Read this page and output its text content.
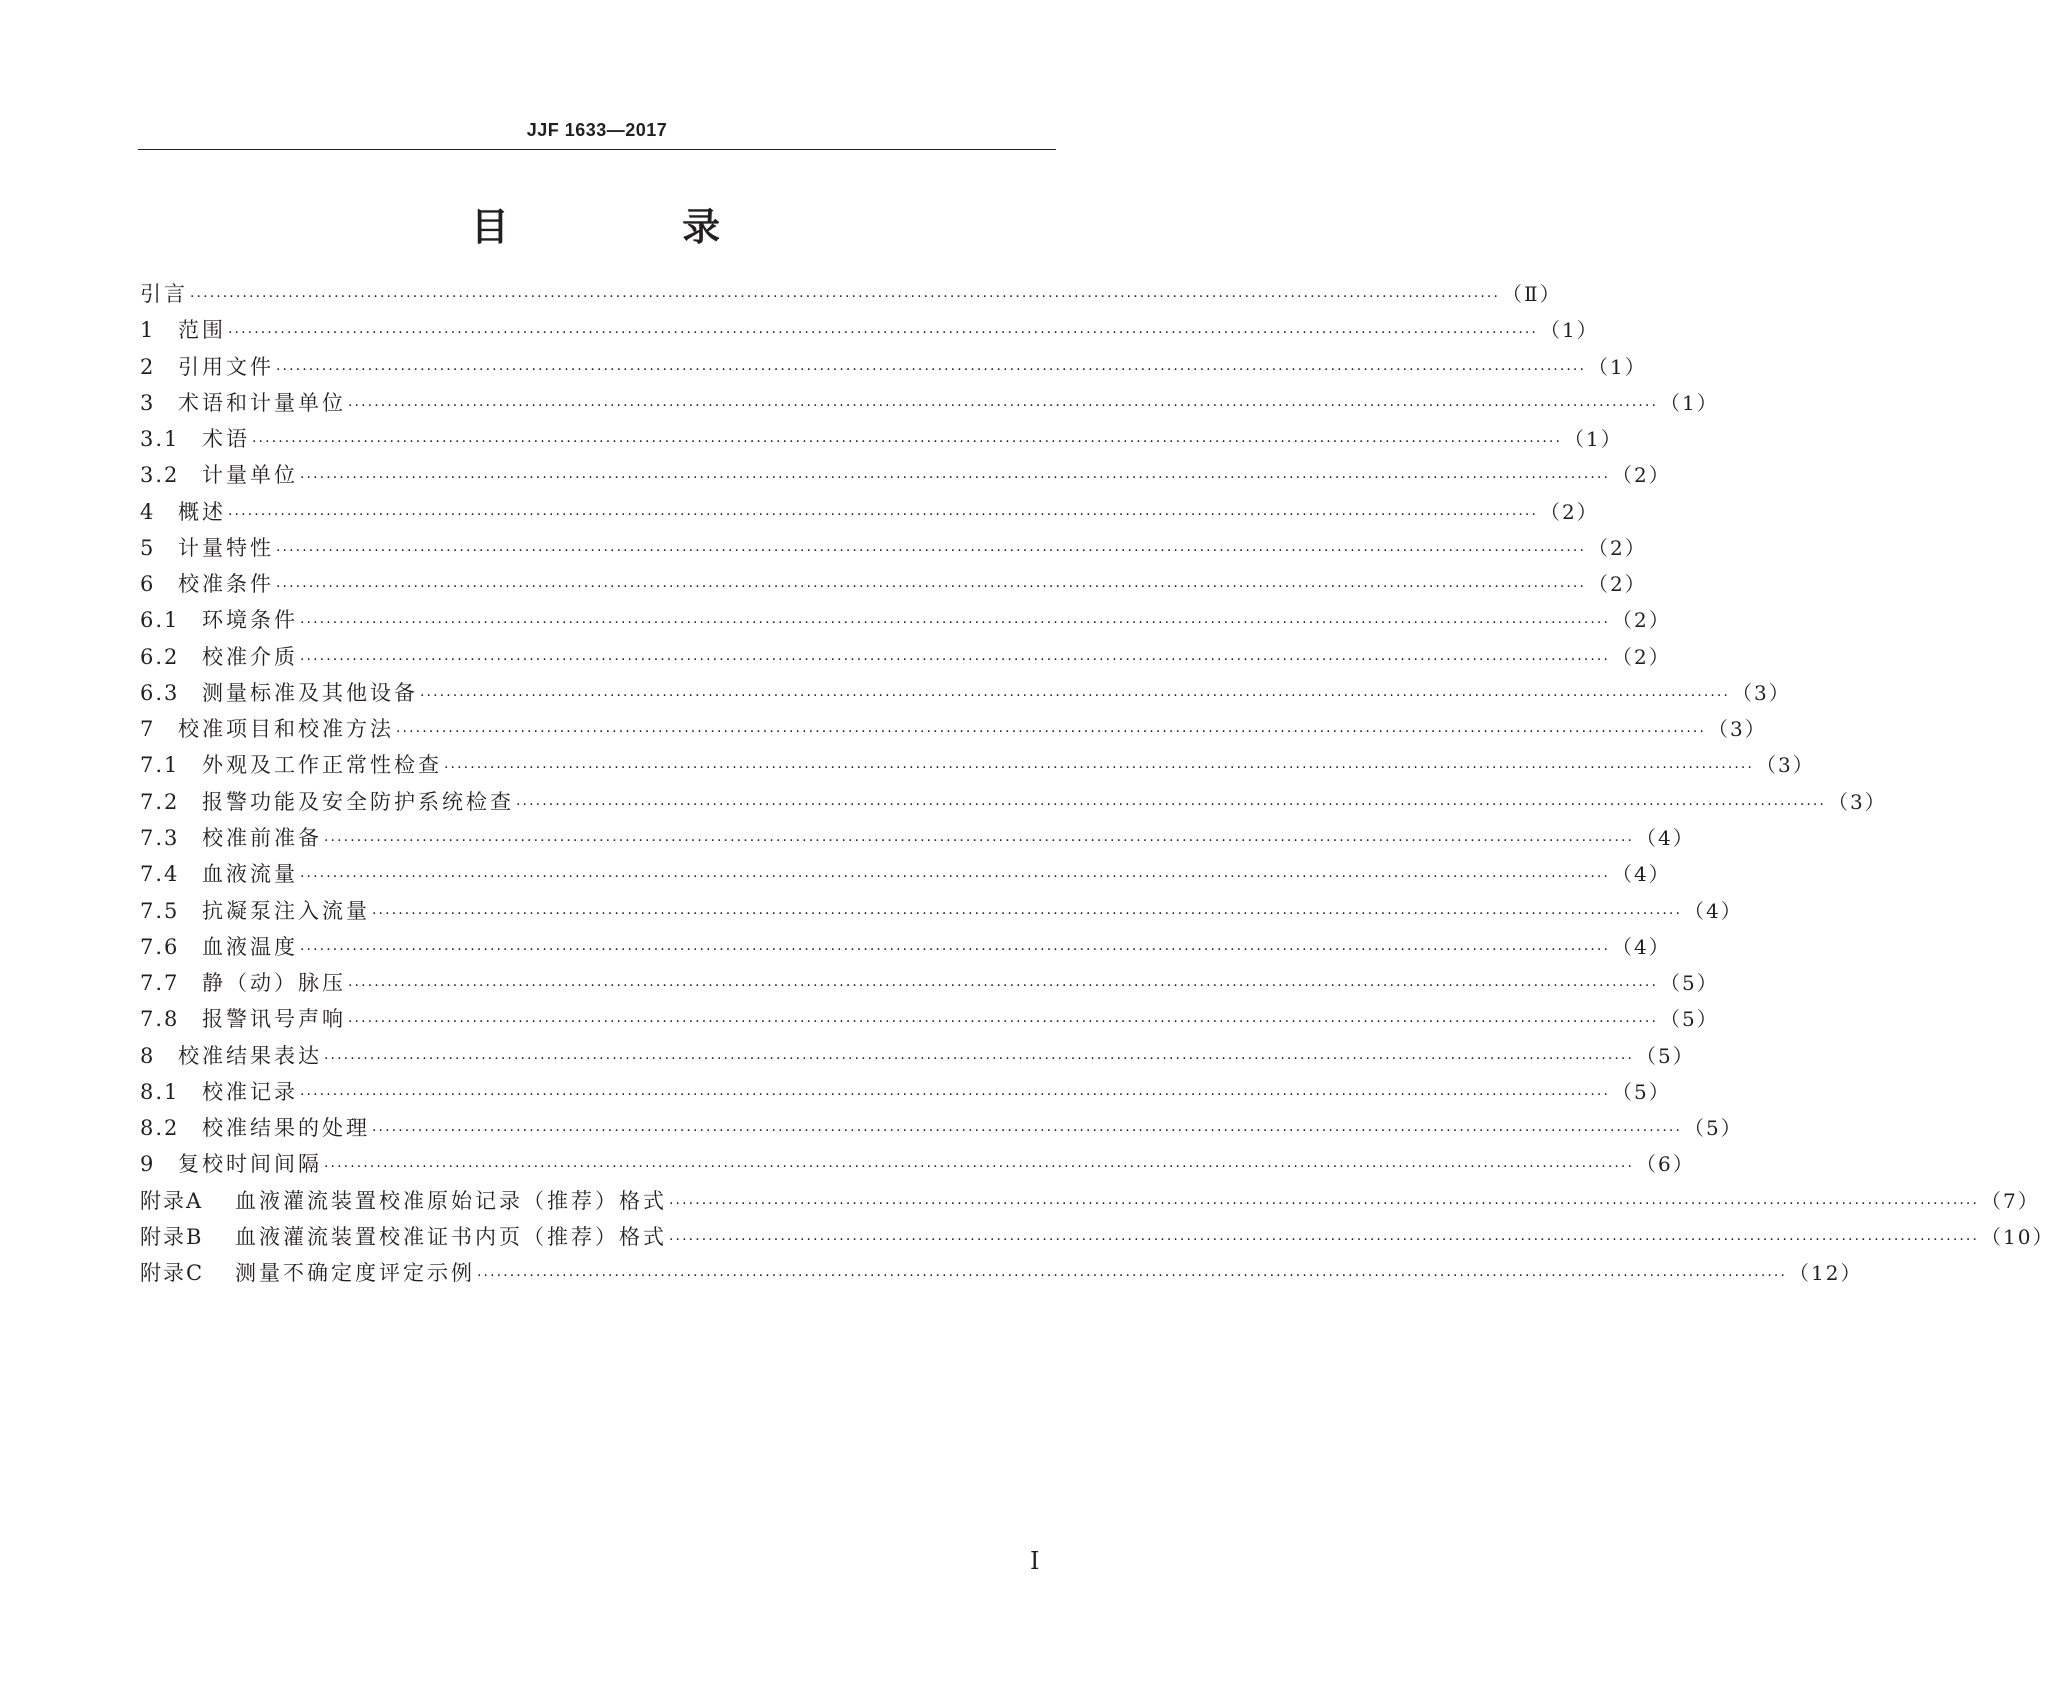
JJF 1633—2017
目 录
引言 ········································································································································································································ （Ⅱ）
1	范围 ········································································································································································································ （1）
2	引用文件 ········································································································································································································ （1）
3	术语和计量单位 ········································································································································································································ （1）
3.1	术语 ········································································································································································································ （1）
3.2	计量单位 ········································································································································································································ （2）
4	概述 ········································································································································································································ （2）
5	计量特性 ········································································································································································································ （2）
6	校准条件 ········································································································································································································ （2）
6.1	环境条件 ········································································································································································································ （2）
6.2	校准介质 ········································································································································································································ （2）
6.3	测量标准及其他设备 ········································································································································································································ （3）
7	校准项目和校准方法 ········································································································································································································ （3）
7.1	外观及工作正常性检查 ········································································································································································································ （3）
7.2	报警功能及安全防护系统检查 ········································································································································································································ （3）
7.3	校准前准备 ········································································································································································································ （4）
7.4	血液流量 ········································································································································································································ （4）
7.5	抗凝泵注入流量 ········································································································································································································ （4）
7.6	血液温度 ········································································································································································································ （4）
7.7	静（动）脉压 ········································································································································································································ （5）
7.8	报警讯号声响 ········································································································································································································ （5）
8	校准结果表达 ········································································································································································································ （5）
8.1	校准记录 ········································································································································································································ （5）
8.2	校准结果的处理 ········································································································································································································ （5）
9	复校时间间隔 ········································································································································································································ （6）
附录A	血液灌流装置校准原始记录（推荐）格式 ········································································································································································································ （7）
附录B	血液灌流装置校准证书内页（推荐）格式 ········································································································································································································ （10）
附录C	测量不确定度评定示例 ········································································································································································································ （12）
Ⅰ
